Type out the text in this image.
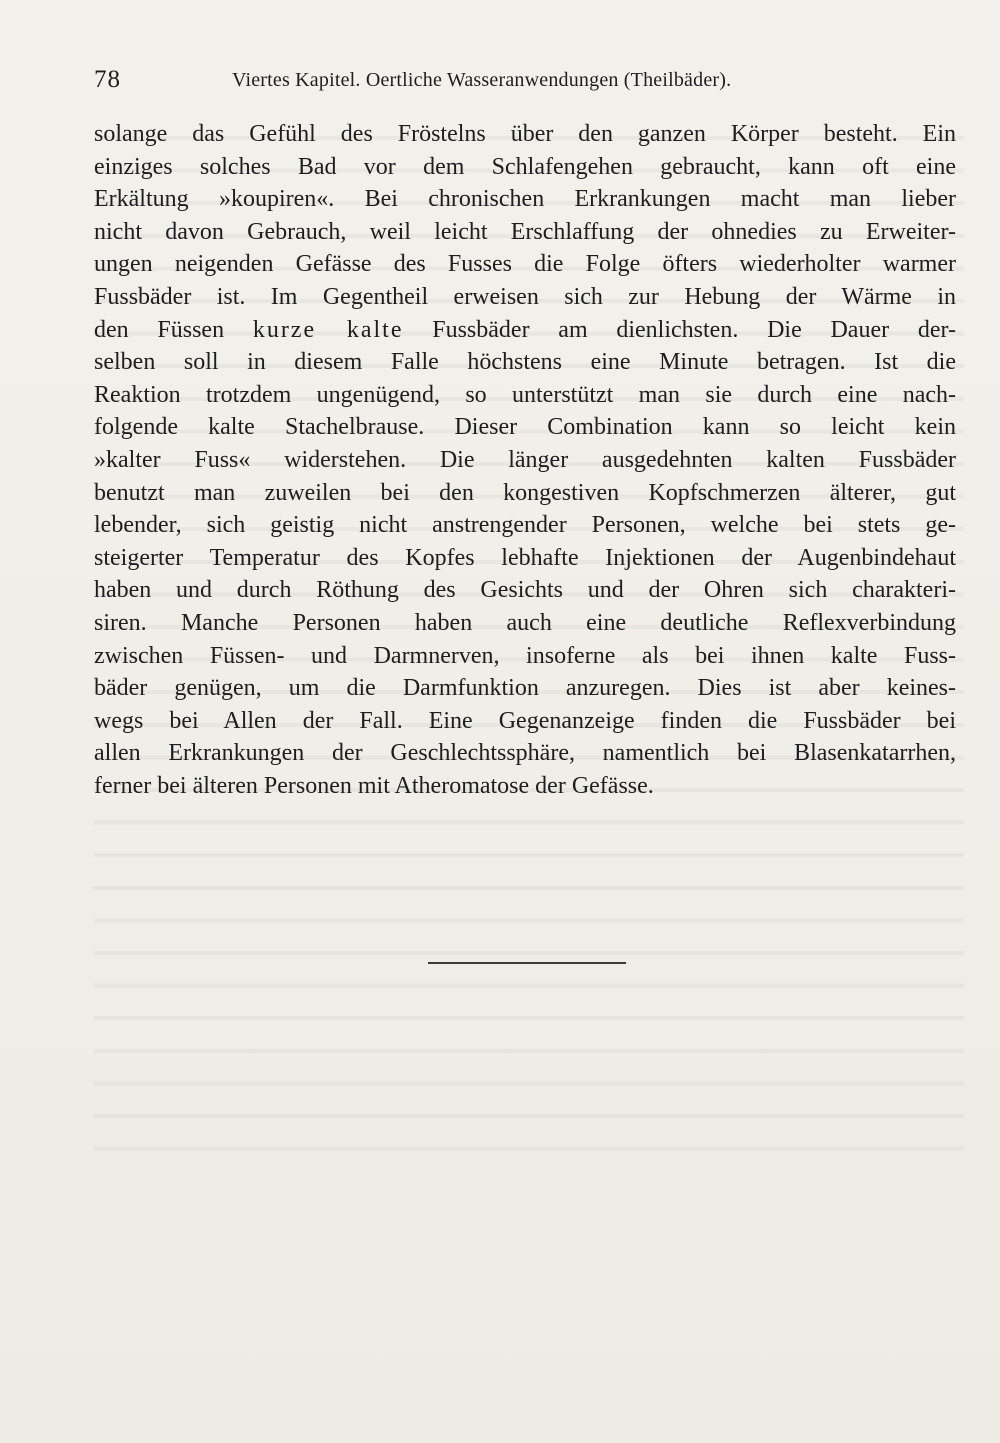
78	Viertes Kapitel. Oertliche Wasseranwendungen (Theilbäder).
solange das Gefühl des Fröstelns über den ganzen Körper besteht. Ein
einziges solches Bad vor dem Schlafengehen gebraucht, kann oft eine
Erkältung »koupiren«. Bei chronischen Erkrankungen macht man lieber
nicht davon Gebrauch, weil leicht Erschlaffung der ohnedies zu Erweiter-
ungen neigenden Gefässe des Fusses die Folge öfters wiederholter warmer
Fussbäder ist. Im Gegentheil erweisen sich zur Hebung der Wärme in
den Füssen kurze kalte Fussbäder am dienlichsten. Die Dauer der-
selben soll in diesem Falle höchstens eine Minute betragen. Ist die
Reaktion trotzdem ungenügend, so unterstützt man sie durch eine nach-
folgende kalte Stachelbrause. Dieser Combination kann so leicht kein
»kalter Fuss« widerstehen. Die länger ausgedehnten kalten Fussbäder
benutzt man zuweilen bei den kongestiven Kopfschmerzen älterer, gut
lebender, sich geistig nicht anstrengender Personen, welche bei stets ge-
steigerter Temperatur des Kopfes lebhafte Injektionen der Augenbindehaut
haben und durch Röthung des Gesichts und der Ohren sich charakteri-
siren. Manche Personen haben auch eine deutliche Reflexverbindung
zwischen Füssen- und Darmnerven, insoferne als bei ihnen kalte Fuss-
bäder genügen, um die Darmfunktion anzuregen. Dies ist aber keines-
wegs bei Allen der Fall. Eine Gegenanzeige finden die Fussbäder bei
allen Erkrankungen der Geschlechtssphäre, namentlich bei Blasenkatarrhen,
ferner bei älteren Personen mit Atheromatose der Gefässe.
